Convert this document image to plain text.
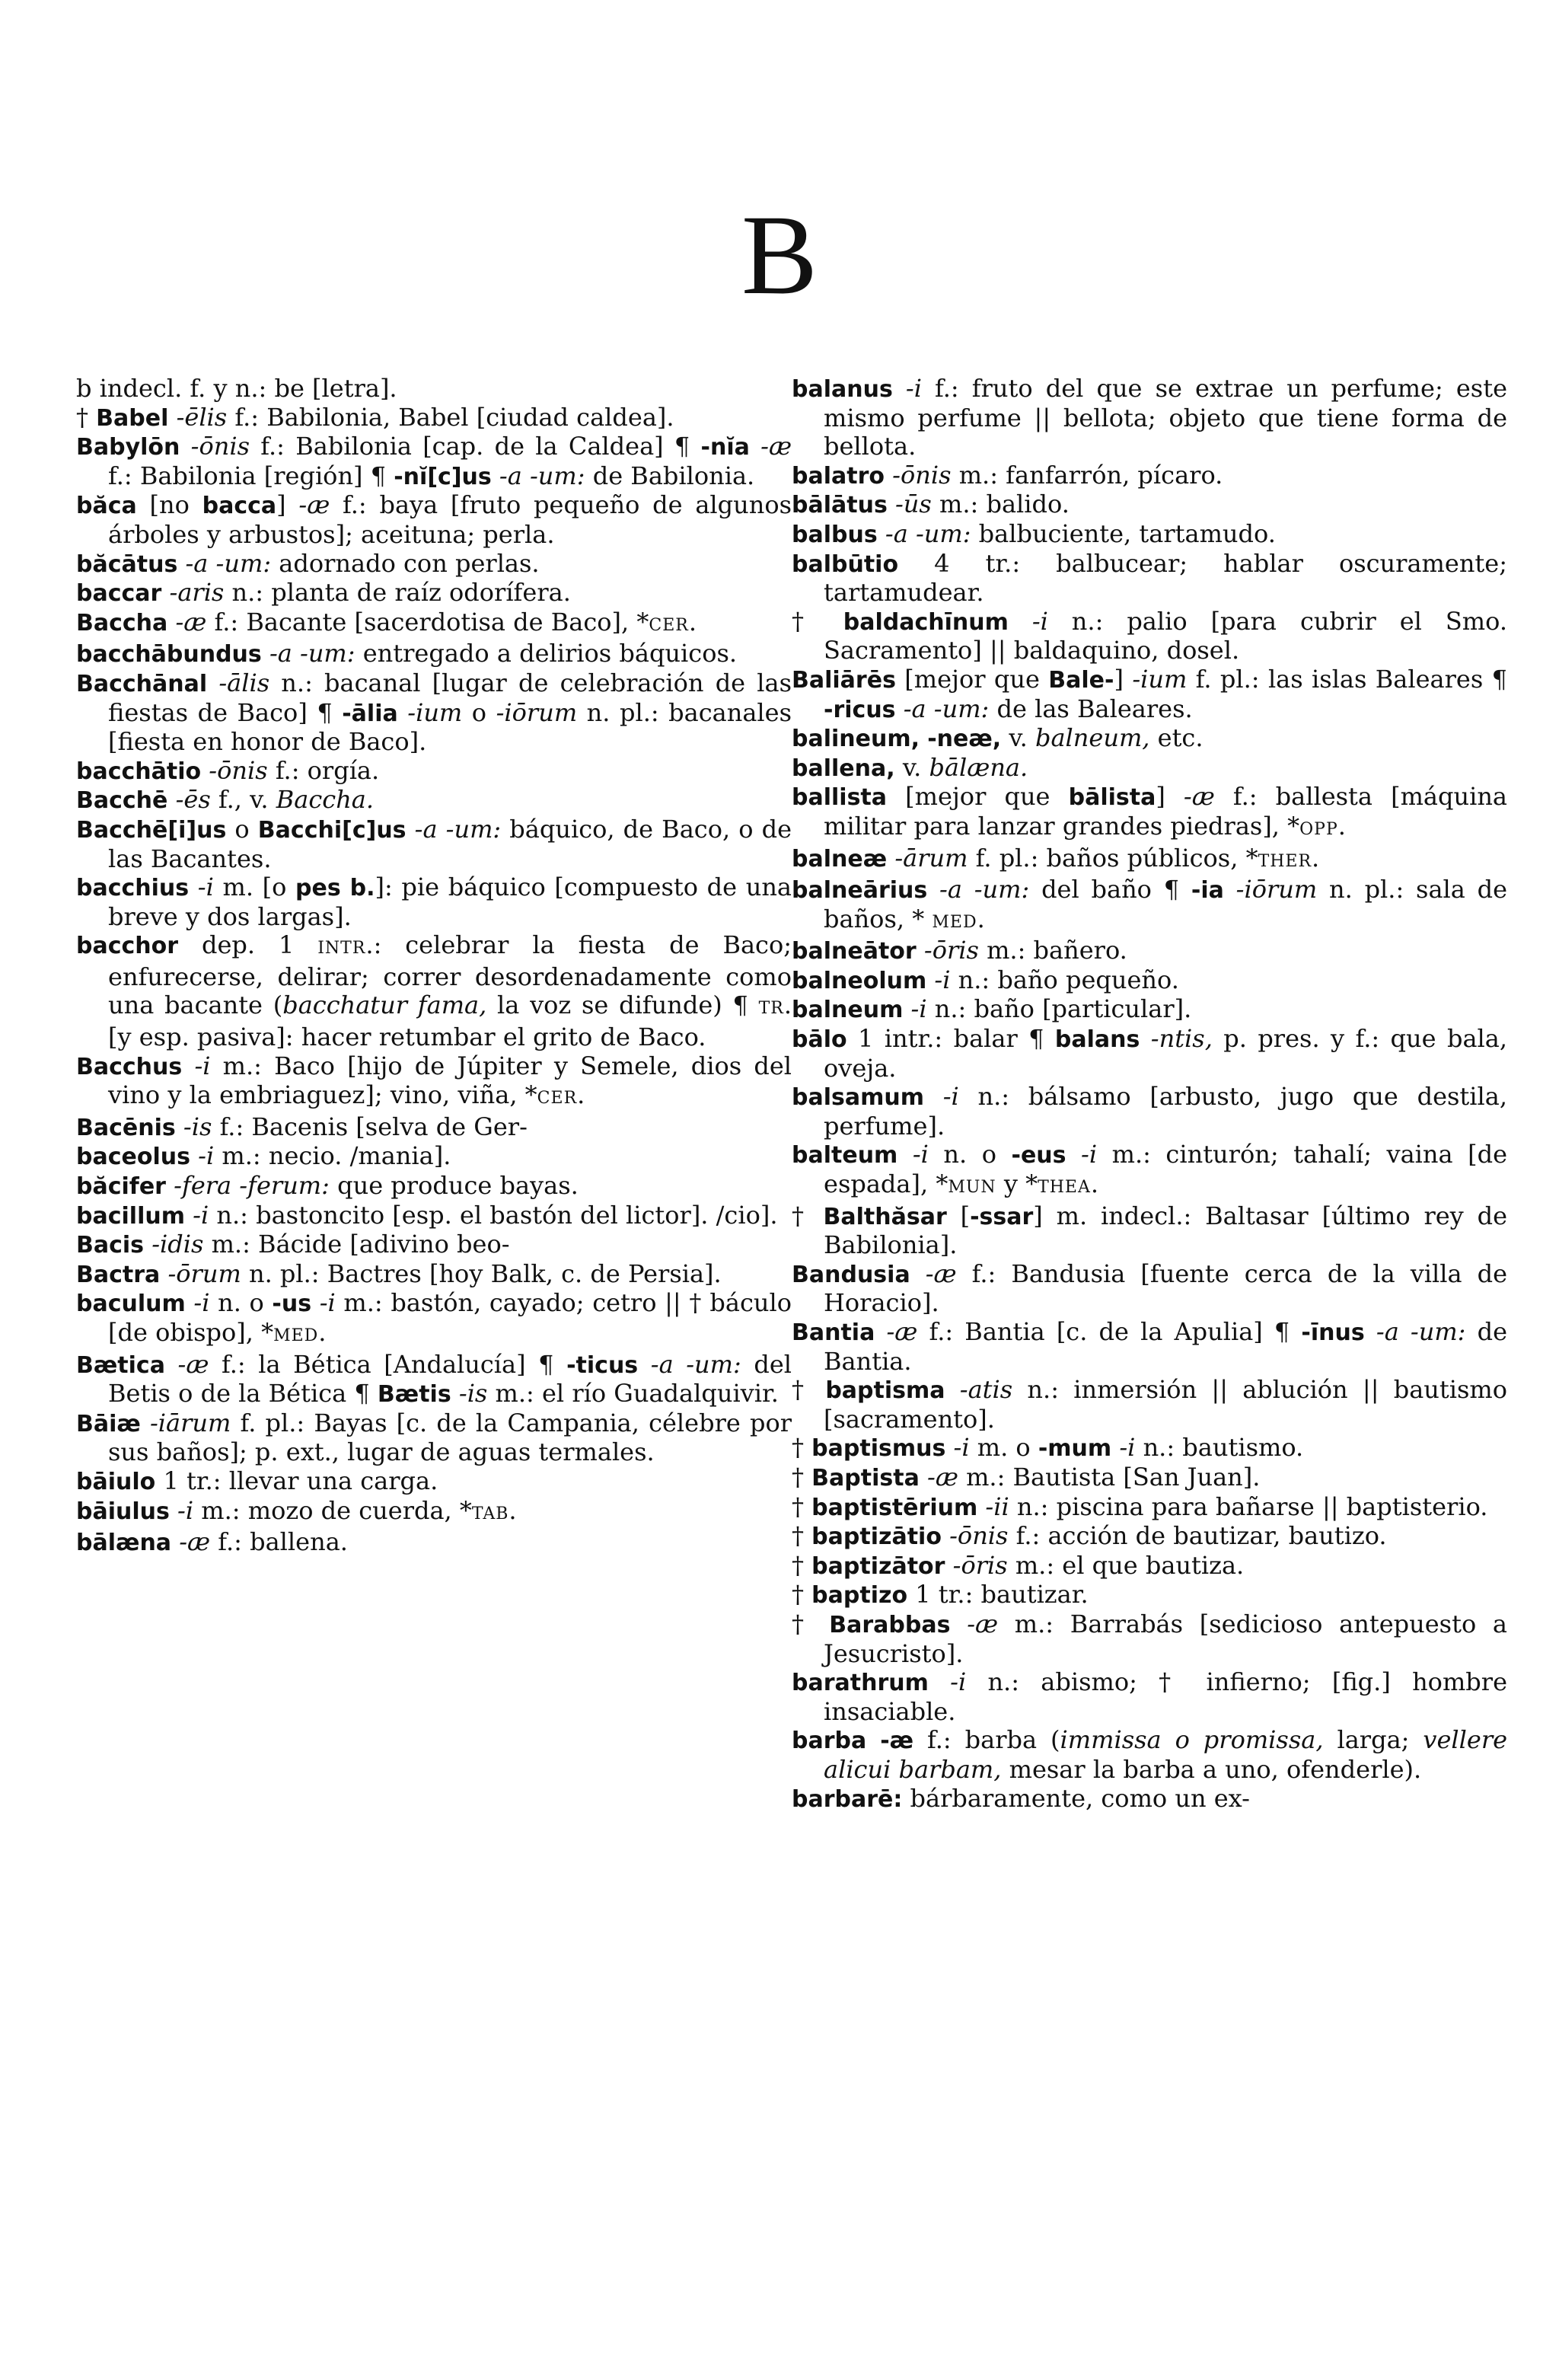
B

b indecl. f. y n.: be [letra].

† Babel -ēlis f.: Babilonia, Babel [ciudad caldea].

Babylōn -ōnis f.: Babilonia [cap. de la Caldea] ¶ -nĭa -æ f.: Babilonia [región] ¶ -nĭ[c]us -a -um: de Babilonia.

băca [no bacca] -æ f.: baya [fruto pequeño de algunos árboles y arbustos]; aceituna; perla.

băcātus -a -um: adornado con perlas.

baccar -aris n.: planta de raíz odorífera.

Baccha -æ f.: Bacante [sacerdotisa de Baco], *CER.

bacchābundus -a -um: entregado a delirios báquicos.

Bacchānal -ālis n.: bacanal [lugar de celebración de las fiestas de Baco] ¶ -ālia -ium o -iōrum n. pl.: bacanales [fiesta en honor de Baco].

bacchātio -ōnis f.: orgía.

Bacchē -ēs f., v. Baccha.

Bacchē[i]us o Bacchi[c]us -a -um: báquico, de Baco, o de las Bacantes.

bacchius -i m. [o pes b.]: pie báquico [compuesto de una breve y dos largas].

bacchor dep. 1 INTR.: celebrar la fiesta de Baco; enfurecerse, delirar; correr desordenadamente como una bacante (bacchatur fama, la voz se difunde) ¶ TR. [y esp. pasiva]: hacer retumbar el grito de Baco.

Bacchus -i m.: Baco [hijo de Júpiter y Semele, dios del vino y la embriaguez]; vino, viña, *CER.

Bacēnis -is f.: Bacenis [selva de Ger-

baceolus -i m.: necio. /mania].

băcifer -fera -ferum: que produce bayas.

bacillum -i n.: bastoncito [esp. el bastón del lictor]. /cio].

Bacis -idis m.: Bácide [adivino beo-

Bactra -ōrum n. pl.: Bactres [hoy Balk, c. de Persia].

baculum -i n. o -us -i m.: bastón, cayado; cetro || † báculo [de obispo], *MED.

Bætica -æ f.: la Bética [Andalucía] ¶ -ticus -a -um: del Betis o de la Bética ¶ Bætis -is m.: el río Guadalquivir.

Bāiæ -iārum f. pl.: Bayas [c. de la Campania, célebre por sus baños]; p. ext., lugar de aguas termales.

bāiulo 1 tr.: llevar una carga.

bāiulus -i m.: mozo de cuerda, *TAB.

bālæna -æ f.: ballena.

balanus -i f.: fruto del que se extrae un perfume; este mismo perfume || bellota; objeto que tiene forma de bellota.

balatro -ōnis m.: fanfarrón, pícaro.

bālātus -ūs m.: balido.

balbus -a -um: balbuciente, tartamudo.

balbūtio 4 tr.: balbucear; hablar oscuramente; tartamudear.

† baldachīnum -i n.: palio [para cubrir el Smo. Sacramento] || baldaquino, dosel.

Baliārēs [mejor que Bale-] -ium f. pl.: las islas Baleares ¶ -ricus -a -um: de las Baleares.

balineum, -neæ, v. balneum, etc.

ballena, v. bālæna.

ballista [mejor que bālista] -æ f.: ballesta [máquina militar para lanzar grandes piedras], *OPP.

balneæ -ārum f. pl.: baños públicos, *THER.

balneārius -a -um: del baño ¶ -ia -iōrum n. pl.: sala de baños, * MED.

balneātor -ōris m.: bañero.

balneolum -i n.: baño pequeño.

balneum -i n.: baño [particular].

bālo 1 intr.: balar ¶ balans -ntis, p. pres. y f.: que bala, oveja.

balsamum -i n.: bálsamo [arbusto, jugo que destila, perfume].

balteum -i n. o -eus -i m.: cinturón; tahalí; vaina [de espada], *MUN y *THEA.

† Balthăsar [-ssar] m. indecl.: Baltasar [último rey de Babilonia].

Bandusia -æ f.: Bandusia [fuente cerca de la villa de Horacio].

Bantia -æ f.: Bantia [c. de la Apulia] ¶ -īnus -a -um: de Bantia.

† baptisma -atis n.: inmersión || ablución || bautismo [sacramento].

† baptismus -i m. o -mum -i n.: bautismo.

† Baptista -æ m.: Bautista [San Juan].

† baptistērium -ii n.: piscina para bañarse || baptisterio.

† baptizātio -ōnis f.: acción de bautizar, bautizo.

† baptizātor -ōris m.: el que bautiza.

† baptizo 1 tr.: bautizar.

† Barabbas -æ m.: Barrabás [sedicioso antepuesto a Jesucristo].

barathrum -i n.: abismo; † infierno; [fig.] hombre insaciable.

barba -æ f.: barba (immissa o promissa, larga; vellere alicui barbam, mesar la barba a uno, ofenderle).

barbarē: bárbaramente, como un ex-
